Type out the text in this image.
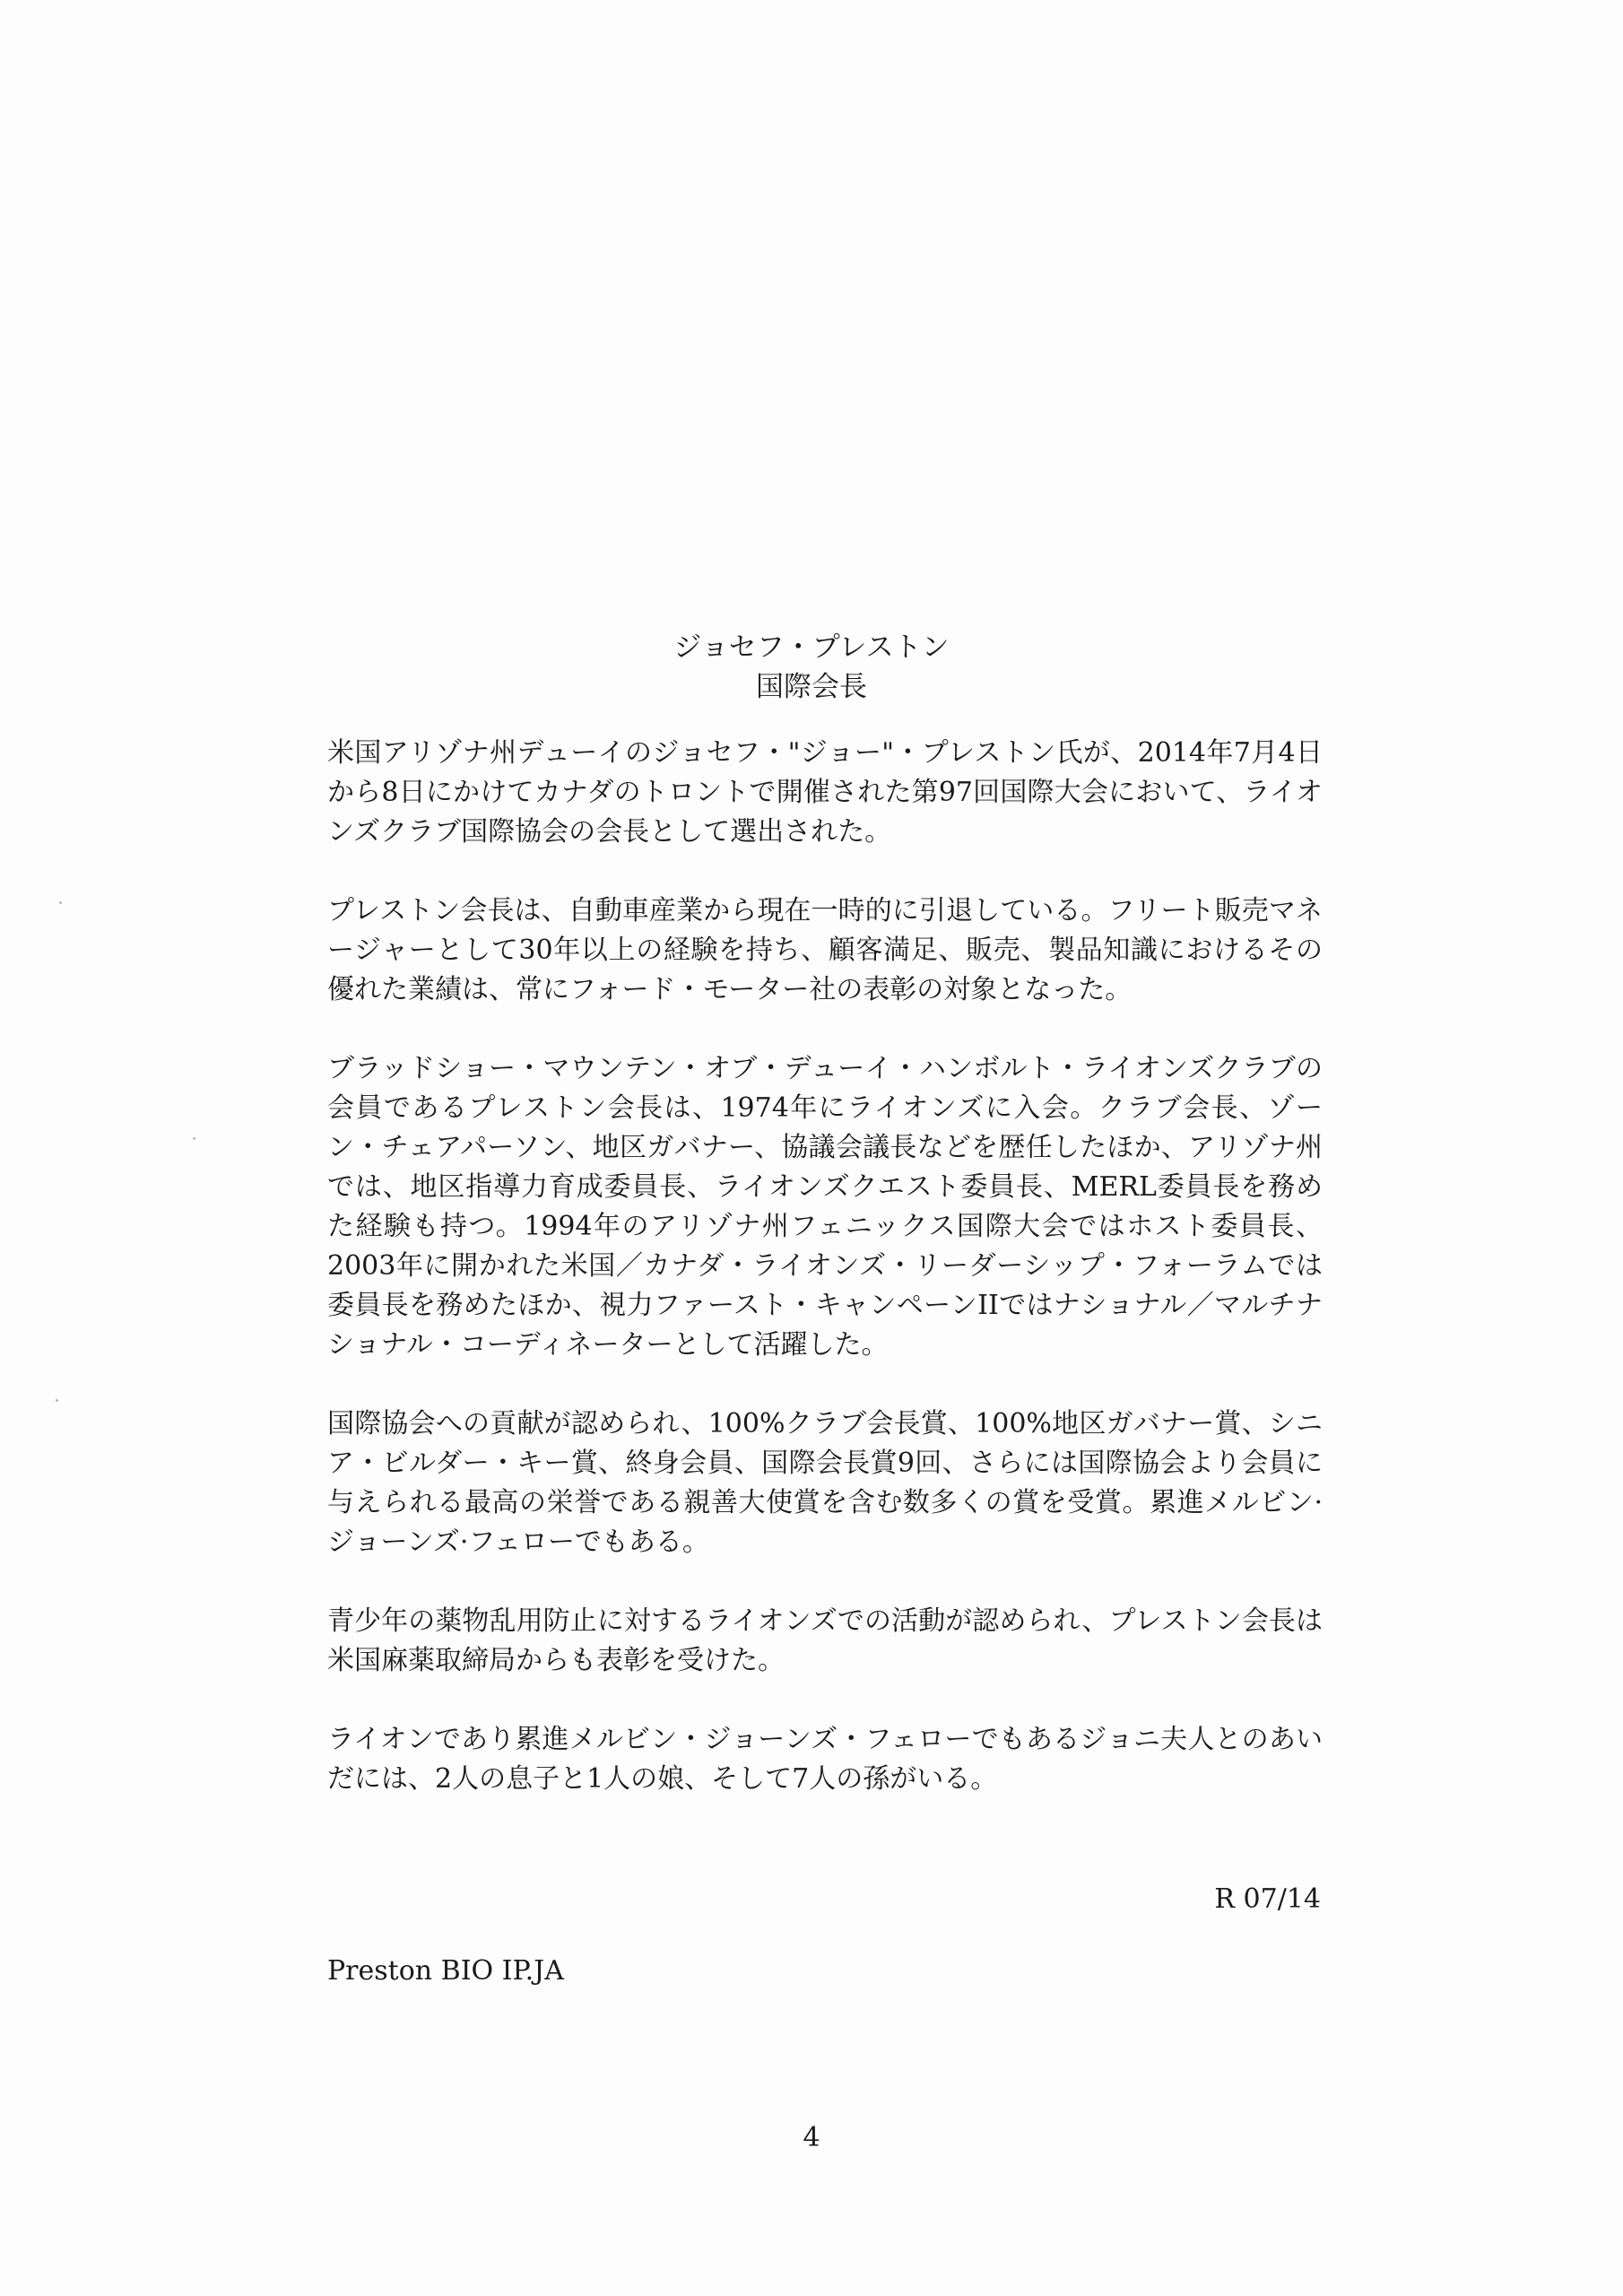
ジョセフ・プレストン
国際会長

米国アリゾナ州デューイのジョセフ・"ジョー"・プレストン氏が、2014年7月4日から8日にかけてカナダのトロントで開催された第97回国際大会において、ライオンズクラブ国際協会の会長として選出された。

プレストン会長は、自動車産業から現在一時的に引退している。フリート販売マネージャーとして30年以上の経験を持ち、顧客満足、販売、製品知識におけるその優れた業績は、常にフォード・モーター社の表彰の対象となった。

ブラッドショー・マウンテン・オブ・デューイ・ハンボルト・ライオンズクラブの会員であるプレストン会長は、1974年にライオンズに入会。クラブ会長、ゾーン・チェアパーソン、地区ガバナー、協議会議長などを歴任したほか、アリゾナ州では、地区指導力育成委員長、ライオンズクエスト委員長、MERL委員長を務めた経験も持つ。1994年のアリゾナ州フェニックス国際大会ではホスト委員長、2003年に開かれた米国／カナダ・ライオンズ・リーダーシップ・フォーラムでは委員長を務めたほか、視力ファースト・キャンペーンIIではナショナル／マルチナショナル・コーディネーターとして活躍した。

国際協会への貢献が認められ、100%クラブ会長賞、100%地区ガバナー賞、シニア・ビルダー・キー賞、終身会員、国際会長賞9回、さらには国際協会より会員に与えられる最高の栄誉である親善大使賞を含む数多くの賞を受賞。累進メルビン·ジョーンズ·フェローでもある。

青少年の薬物乱用防止に対するライオンズでの活動が認められ、プレストン会長は米国麻薬取締局からも表彰を受けた。

ライオンであり累進メルビン・ジョーンズ・フェローでもあるジョニ夫人とのあいだには、2人の息子と1人の娘、そして7人の孫がいる。

R 07/14
Preston BIO IP.JA
4
